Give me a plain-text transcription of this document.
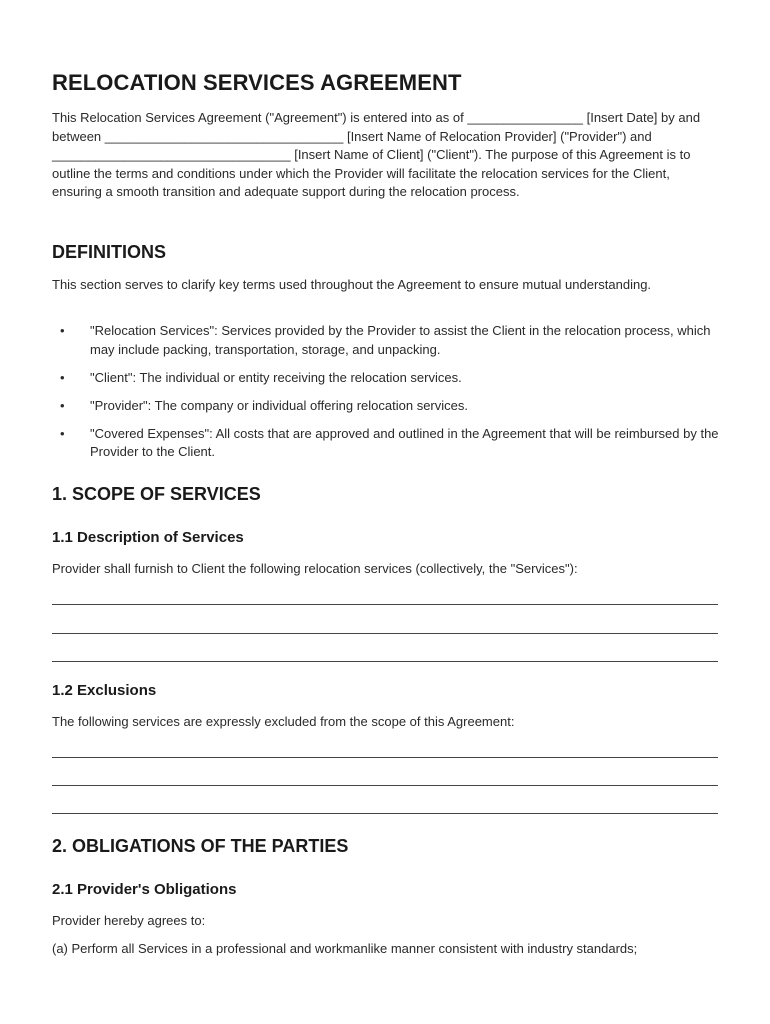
RELOCATION SERVICES AGREEMENT

This Relocation Services Agreement ("Agreement") is entered into as of ________________ [Insert Date] by and between _________________________________ [Insert Name of Relocation Provider] ("Provider") and _________________________________ [Insert Name of Client] ("Client"). The purpose of this Agreement is to outline the terms and conditions under which the Provider will facilitate the relocation services for the Client, ensuring a smooth transition and adequate support during the relocation process.

DEFINITIONS

This section serves to clarify key terms used throughout the Agreement to ensure mutual understanding.

• "Relocation Services": Services provided by the Provider to assist the Client in the relocation process, which may include packing, transportation, storage, and unpacking.
• "Client": The individual or entity receiving the relocation services.
• "Provider": The company or individual offering relocation services.
• "Covered Expenses": All costs that are approved and outlined in the Agreement that will be reimbursed by the Provider to the Client.
1. SCOPE OF SERVICES
1.1 Description of Services

Provider shall furnish to Client the following relocation services (collectively, the "Services"):

1.2 Exclusions

The following services are expressly excluded from the scope of this Agreement:

2. OBLIGATIONS OF THE PARTIES
2.1 Provider's Obligations

Provider hereby agrees to:

(a) Perform all Services in a professional and workmanlike manner consistent with industry standards;
